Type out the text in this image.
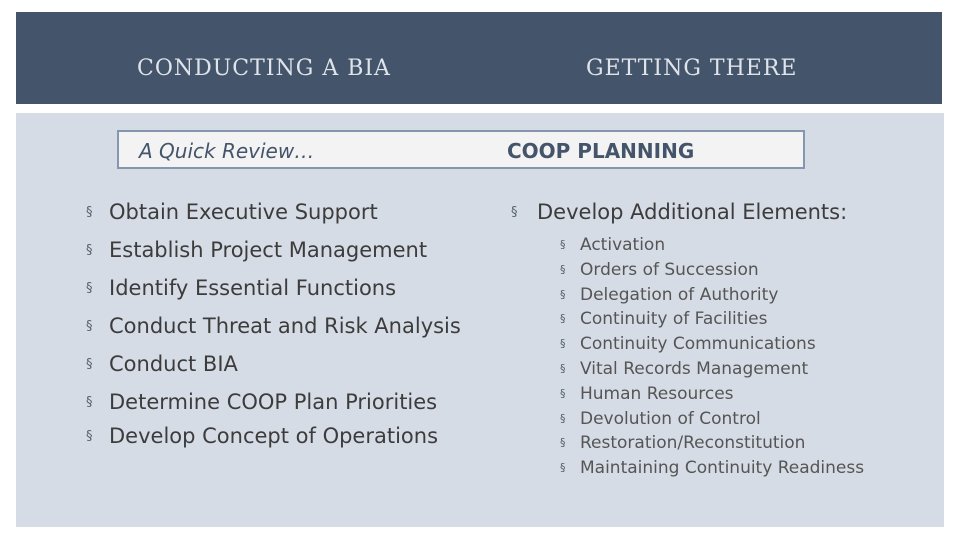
CONDUCTING A BIA	GETTING THERE
A Quick Review…	COOP PLANNING
§ Obtain Executive Support
§ Establish Project Management
§ Identify Essential Functions
§ Conduct Threat and Risk Analysis
§ Conduct BIA
§ Determine COOP Plan Priorities
§ Develop Concept of Operations
§ Develop Additional Elements:
§ Activation
§ Orders of Succession
§ Delegation of Authority
§ Continuity of Facilities
§ Continuity Communications
§ Vital Records Management
§ Human Resources
§ Devolution of Control
§ Restoration/Reconstitution
§ Maintaining Continuity Readiness
